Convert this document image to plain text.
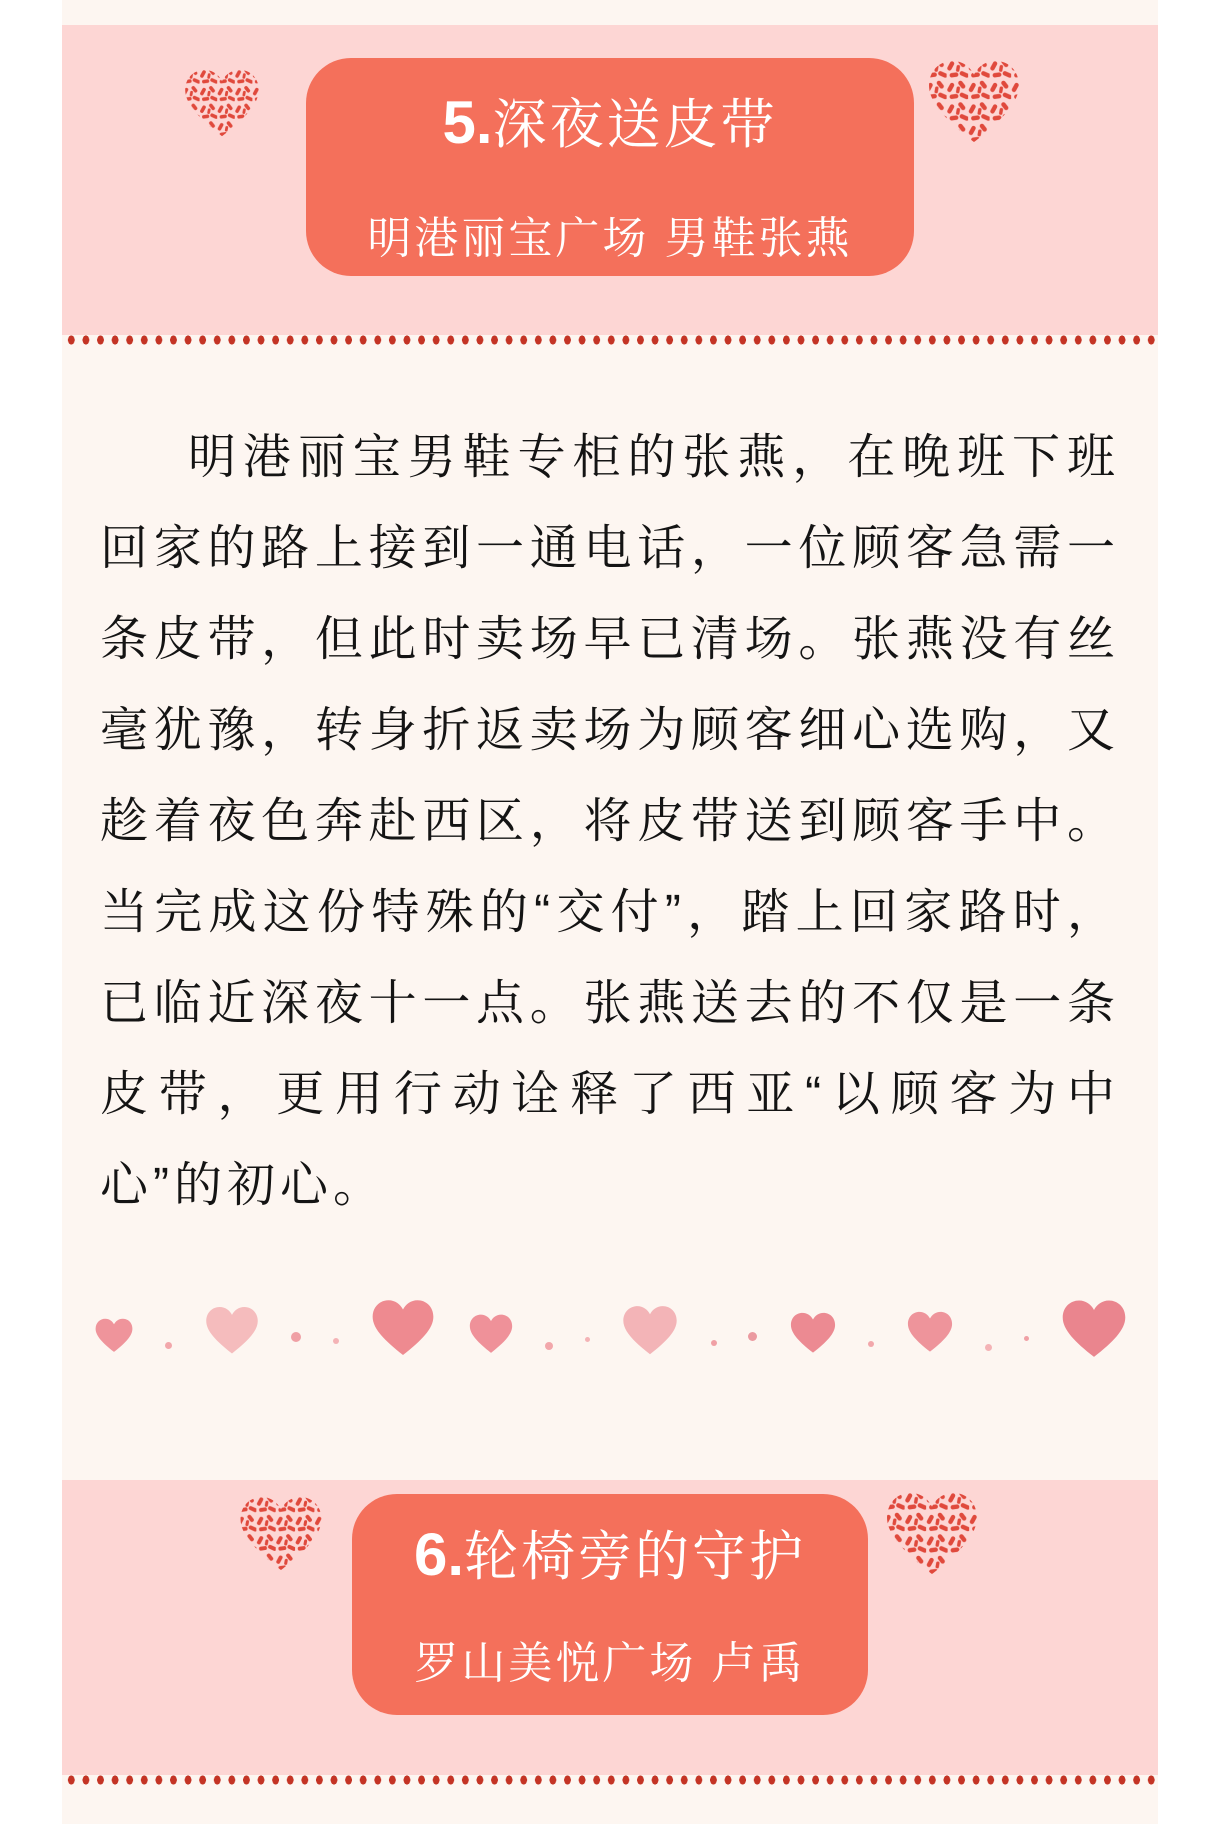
5.深夜送皮带
明港丽宝广场 男鞋张燕

明港丽宝男鞋专柜的张燕，在晚班下班回家的路上接到一通电话，一位顾客急需一条皮带，但此时卖场早已清场。张燕没有丝毫犹豫，转身折返卖场为顾客细心选购，又趁着夜色奔赴西区，将皮带送到顾客手中。当完成这份特殊的“交付”，踏上回家路时，已临近深夜十一点。张燕送去的不仅是一条皮带，更用行动诠释了西亚“以顾客为中心”的初心。

6.轮椅旁的守护
罗山美悦广场 卢禹
